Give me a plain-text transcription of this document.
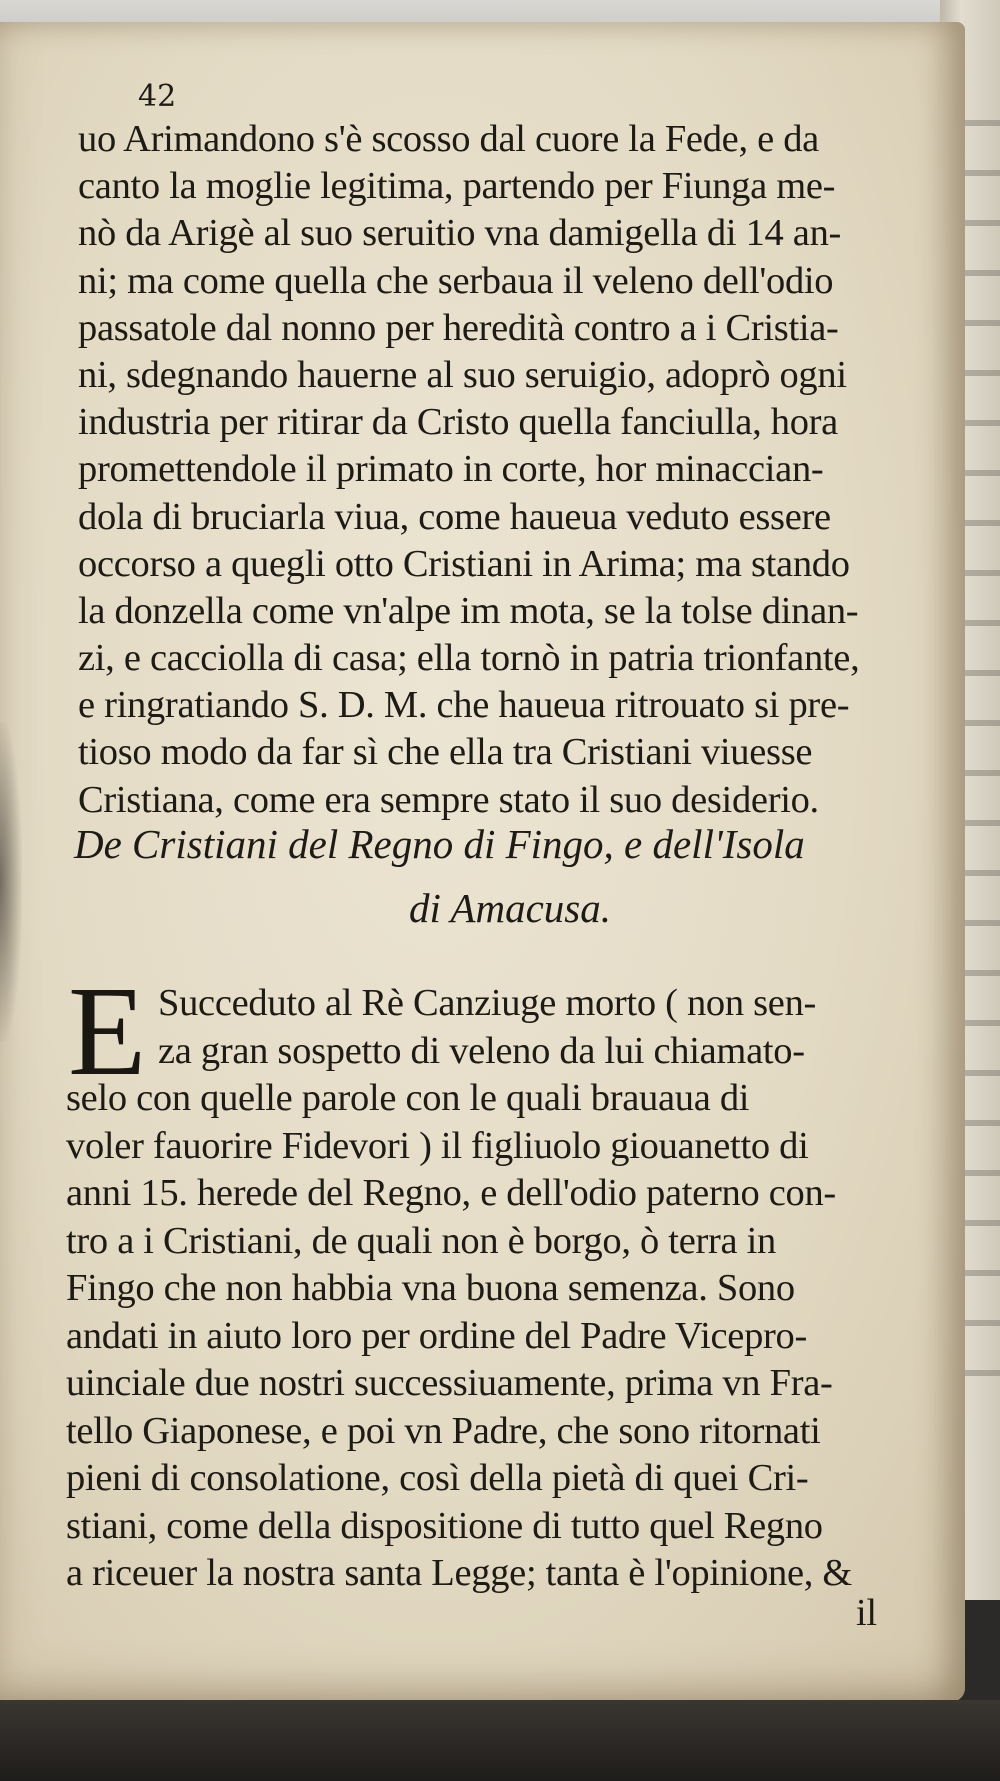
42
uo Arimandono s'è scosso dal cuore la Fede, e da
canto la moglie legitima, partendo per Fiunga me-
nò da Arigè al suo seruitio vna damigella di 14 an-
ni; ma come quella che serbaua il veleno dell'odio
passatole dal nonno per heredità contro a i Cristia-
ni, sdegnando hauerne al suo seruigio, adoprò ogni
industria per ritirar da Cristo quella fanciulla, hora
promettendole il primato in corte, hor minaccian-
dola di bruciarla viua, come haueua veduto essere
occorso a quegli otto Cristiani in Arima; ma stando
la donzella come vn'alpe im mota, se la tolse dinan-
zi, e cacciolla di casa; ella tornò in patria trionfante,
e ringratiando S. D. M. che haueua ritrouato si pre-
tioso modo da far sì che ella tra Cristiani viuesse
Cristiana, come era sempre stato il suo desiderio.
De Cristiani del Regno di Fingo, e dell'Isola
di Amacusa.
E Succeduto al Rè Canziuge morto ( non sen-
za gran sospetto di veleno da lui chiamato-
selo con quelle parole con le quali brauaua di
voler fauorire Fidevori ) il figliuolo giouanetto di
anni 15. herede del Regno, e dell'odio paterno con-
tro a i Cristiani, de quali non è borgo, ò terra in
Fingo che non habbia vna buona semenza. Sono
andati in aiuto loro per ordine del Padre Vicepro-
uinciale due nostri successiuamente, prima vn Fra-
tello Giaponese, e poi vn Padre, che sono ritornati
pieni di consolatione, così della pietà di quei Cri-
stiani, come della dispositione di tutto quel Regno
a riceuer la nostra santa Legge; tanta è l'opinione, &
il
